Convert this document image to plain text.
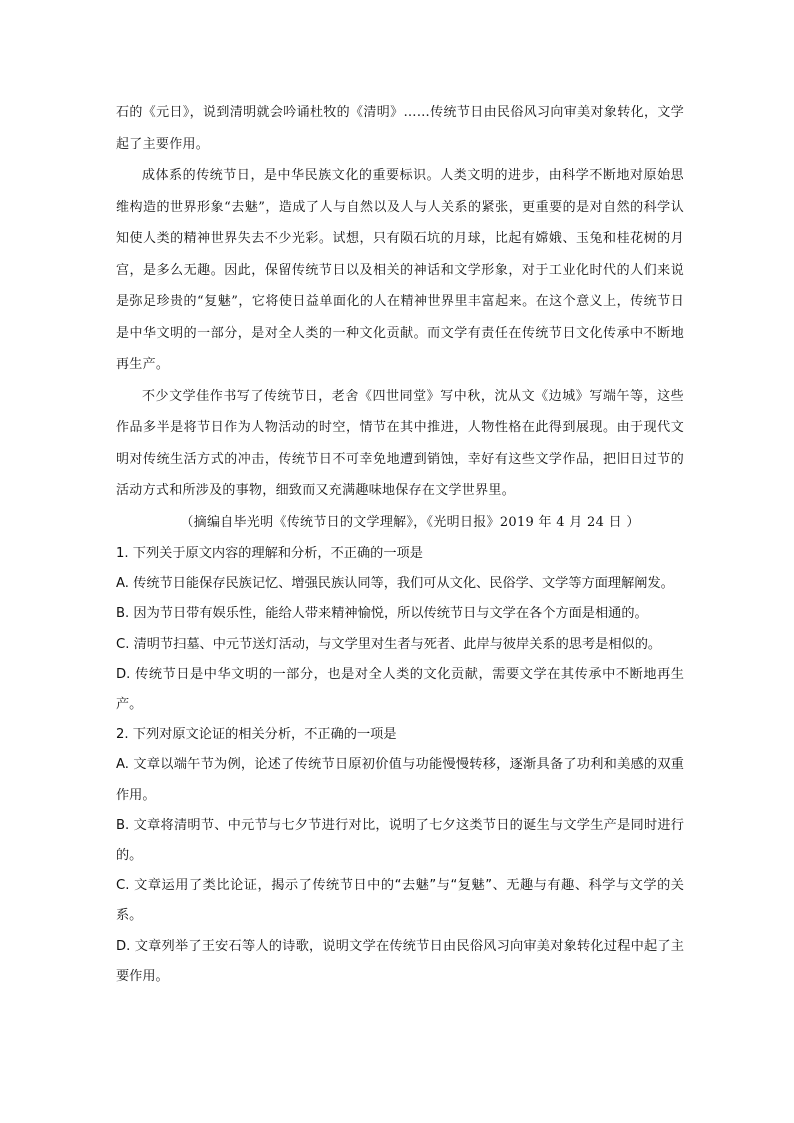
石的《元日》，说到清明就会吟诵杜牧的《清明》……传统节日由民俗风习向审美对象转化，文学起了主要作用。

成体系的传统节日，是中华民族文化的重要标识。人类文明的进步，由科学不断地对原始思维构造的世界形象“去魅”，造成了人与自然以及人与人关系的紧张，更重要的是对自然的科学认知使人类的精神世界失去不少光彩。试想，只有陨石坑的月球，比起有嫦娥、玉兔和桂花树的月宫，是多么无趣。因此，保留传统节日以及相关的神话和文学形象，对于工业化时代的人们来说是弥足珍贵的“复魅”，它将使日益单面化的人在精神世界里丰富起来。在这个意义上，传统节日是中华文明的一部分，是对全人类的一种文化贡献。而文学有责任在传统节日文化传承中不断地再生产。

不少文学佳作书写了传统节日，老舍《四世同堂》写中秋，沈从文《边城》写端午等，这些作品多半是将节日作为人物活动的时空，情节在其中推进，人物性格在此得到展现。由于现代文明对传统生活方式的冲击，传统节日不可幸免地遭到销蚀，幸好有这些文学作品，把旧日过节的活动方式和所涉及的事物，细致而又充满趣味地保存在文学世界里。

（摘编自毕光明《传统节日的文学理解》，《光明日报》2019 年 4 月 24 日 ）

1. 下列关于原文内容的理解和分析，不正确的一项是

A. 传统节日能保存民族记忆、增强民族认同等，我们可从文化、民俗学、文学等方面理解阐发。

B. 因为节日带有娱乐性，能给人带来精神愉悦，所以传统节日与文学在各个方面是相通的。

C. 清明节扫墓、中元节送灯活动，与文学里对生者与死者、此岸与彼岸关系的思考是相似的。

D. 传统节日是中华文明的一部分，也是对全人类的文化贡献，需要文学在其传承中不断地再生产。

2. 下列对原文论证的相关分析，不正确的一项是

A. 文章以端午节为例，论述了传统节日原初价值与功能慢慢转移，逐渐具备了功利和美感的双重作用。

B. 文章将清明节、中元节与七夕节进行对比，说明了七夕这类节日的诞生与文学生产是同时进行的。

C. 文章运用了类比论证，揭示了传统节日中的“去魅”与“复魅”、无趣与有趣、科学与文学的关系。

D. 文章列举了王安石等人的诗歌，说明文学在传统节日由民俗风习向审美对象转化过程中起了主要作用。
